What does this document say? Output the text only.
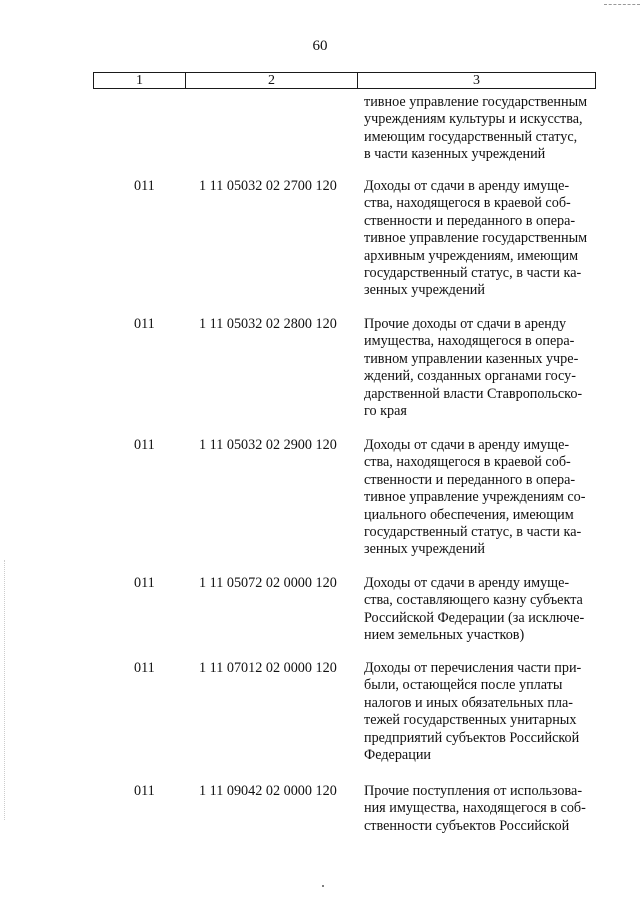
60
1	2	3
тивное управление государственным
учреждениям культуры и искусства,
имеющим государственный статус,
в части казенных учреждений
011	1 11 05032 02 2700 120	Доходы от сдачи в аренду имуще-
ства, находящегося в краевой соб-
ственности и переданного в опера-
тивное управление государственным
архивным учреждениям, имеющим
государственный статус, в части ка-
зенных учреждений
011	1 11 05032 02 2800 120	Прочие доходы от сдачи в аренду
имущества, находящегося в опера-
тивном управлении казенных учре-
ждений, созданных органами госу-
дарственной власти Ставропольско-
го края
011	1 11 05032 02 2900 120	Доходы от сдачи в аренду имуще-
ства, находящегося в краевой соб-
ственности и переданного в опера-
тивное управление учреждениям со-
циального обеспечения, имеющим
государственный статус, в части ка-
зенных учреждений
011	1 11 05072 02 0000 120	Доходы от сдачи в аренду имуще-
ства, составляющего казну субъекта
Российской Федерации (за исключе-
нием земельных участков)
011	1 11 07012 02 0000 120	Доходы от перечисления части при-
были, остающейся после уплаты
налогов и иных обязательных пла-
тежей государственных унитарных
предприятий субъектов Российской
Федерации
011	1 11 09042 02 0000 120	Прочие поступления от использова-
ния имущества, находящегося в соб-
ственности субъектов Российской
